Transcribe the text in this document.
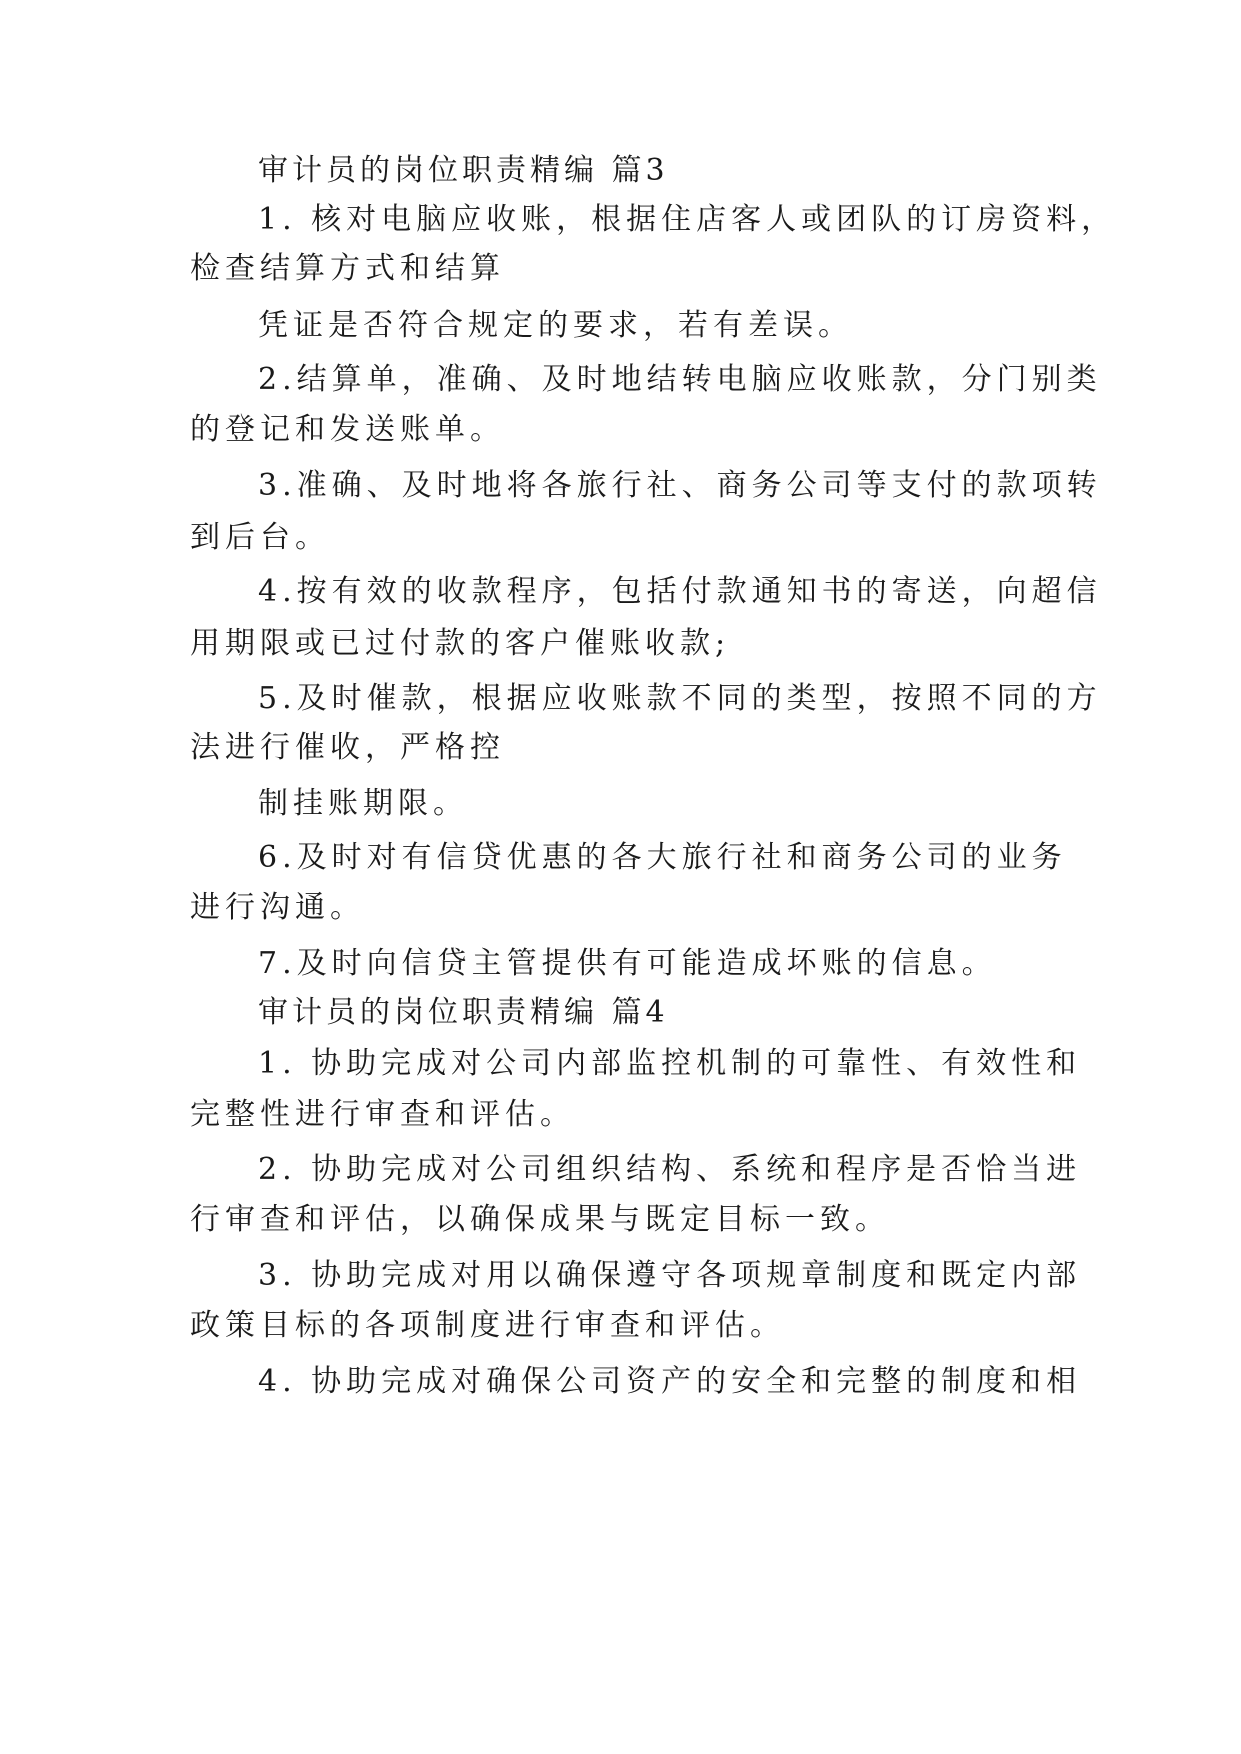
审计员的岗位职责精编 篇3
1. 核对电脑应收账，根据住店客人或团队的订房资料，
检查结算方式和结算
凭证是否符合规定的要求，若有差误。
2.结算单，准确、及时地结转电脑应收账款，分门别类
的登记和发送账单。
3.准确、及时地将各旅行社、商务公司等支付的款项转
到后台。
4.按有效的收款程序，包括付款通知书的寄送，向超信
用期限或已过付款的客户催账收款;
5.及时催款，根据应收账款不同的类型，按照不同的方
法进行催收，严格控
制挂账期限。
6.及时对有信贷优惠的各大旅行社和商务公司的业务
进行沟通。
7.及时向信贷主管提供有可能造成坏账的信息。
审计员的岗位职责精编 篇4
1. 协助完成对公司内部监控机制的可靠性、有效性和
完整性进行审查和评估。
2. 协助完成对公司组织结构、系统和程序是否恰当进
行审查和评估，以确保成果与既定目标一致。
3. 协助完成对用以确保遵守各项规章制度和既定内部
政策目标的各项制度进行审查和评估。
4. 协助完成对确保公司资产的安全和完整的制度和相
